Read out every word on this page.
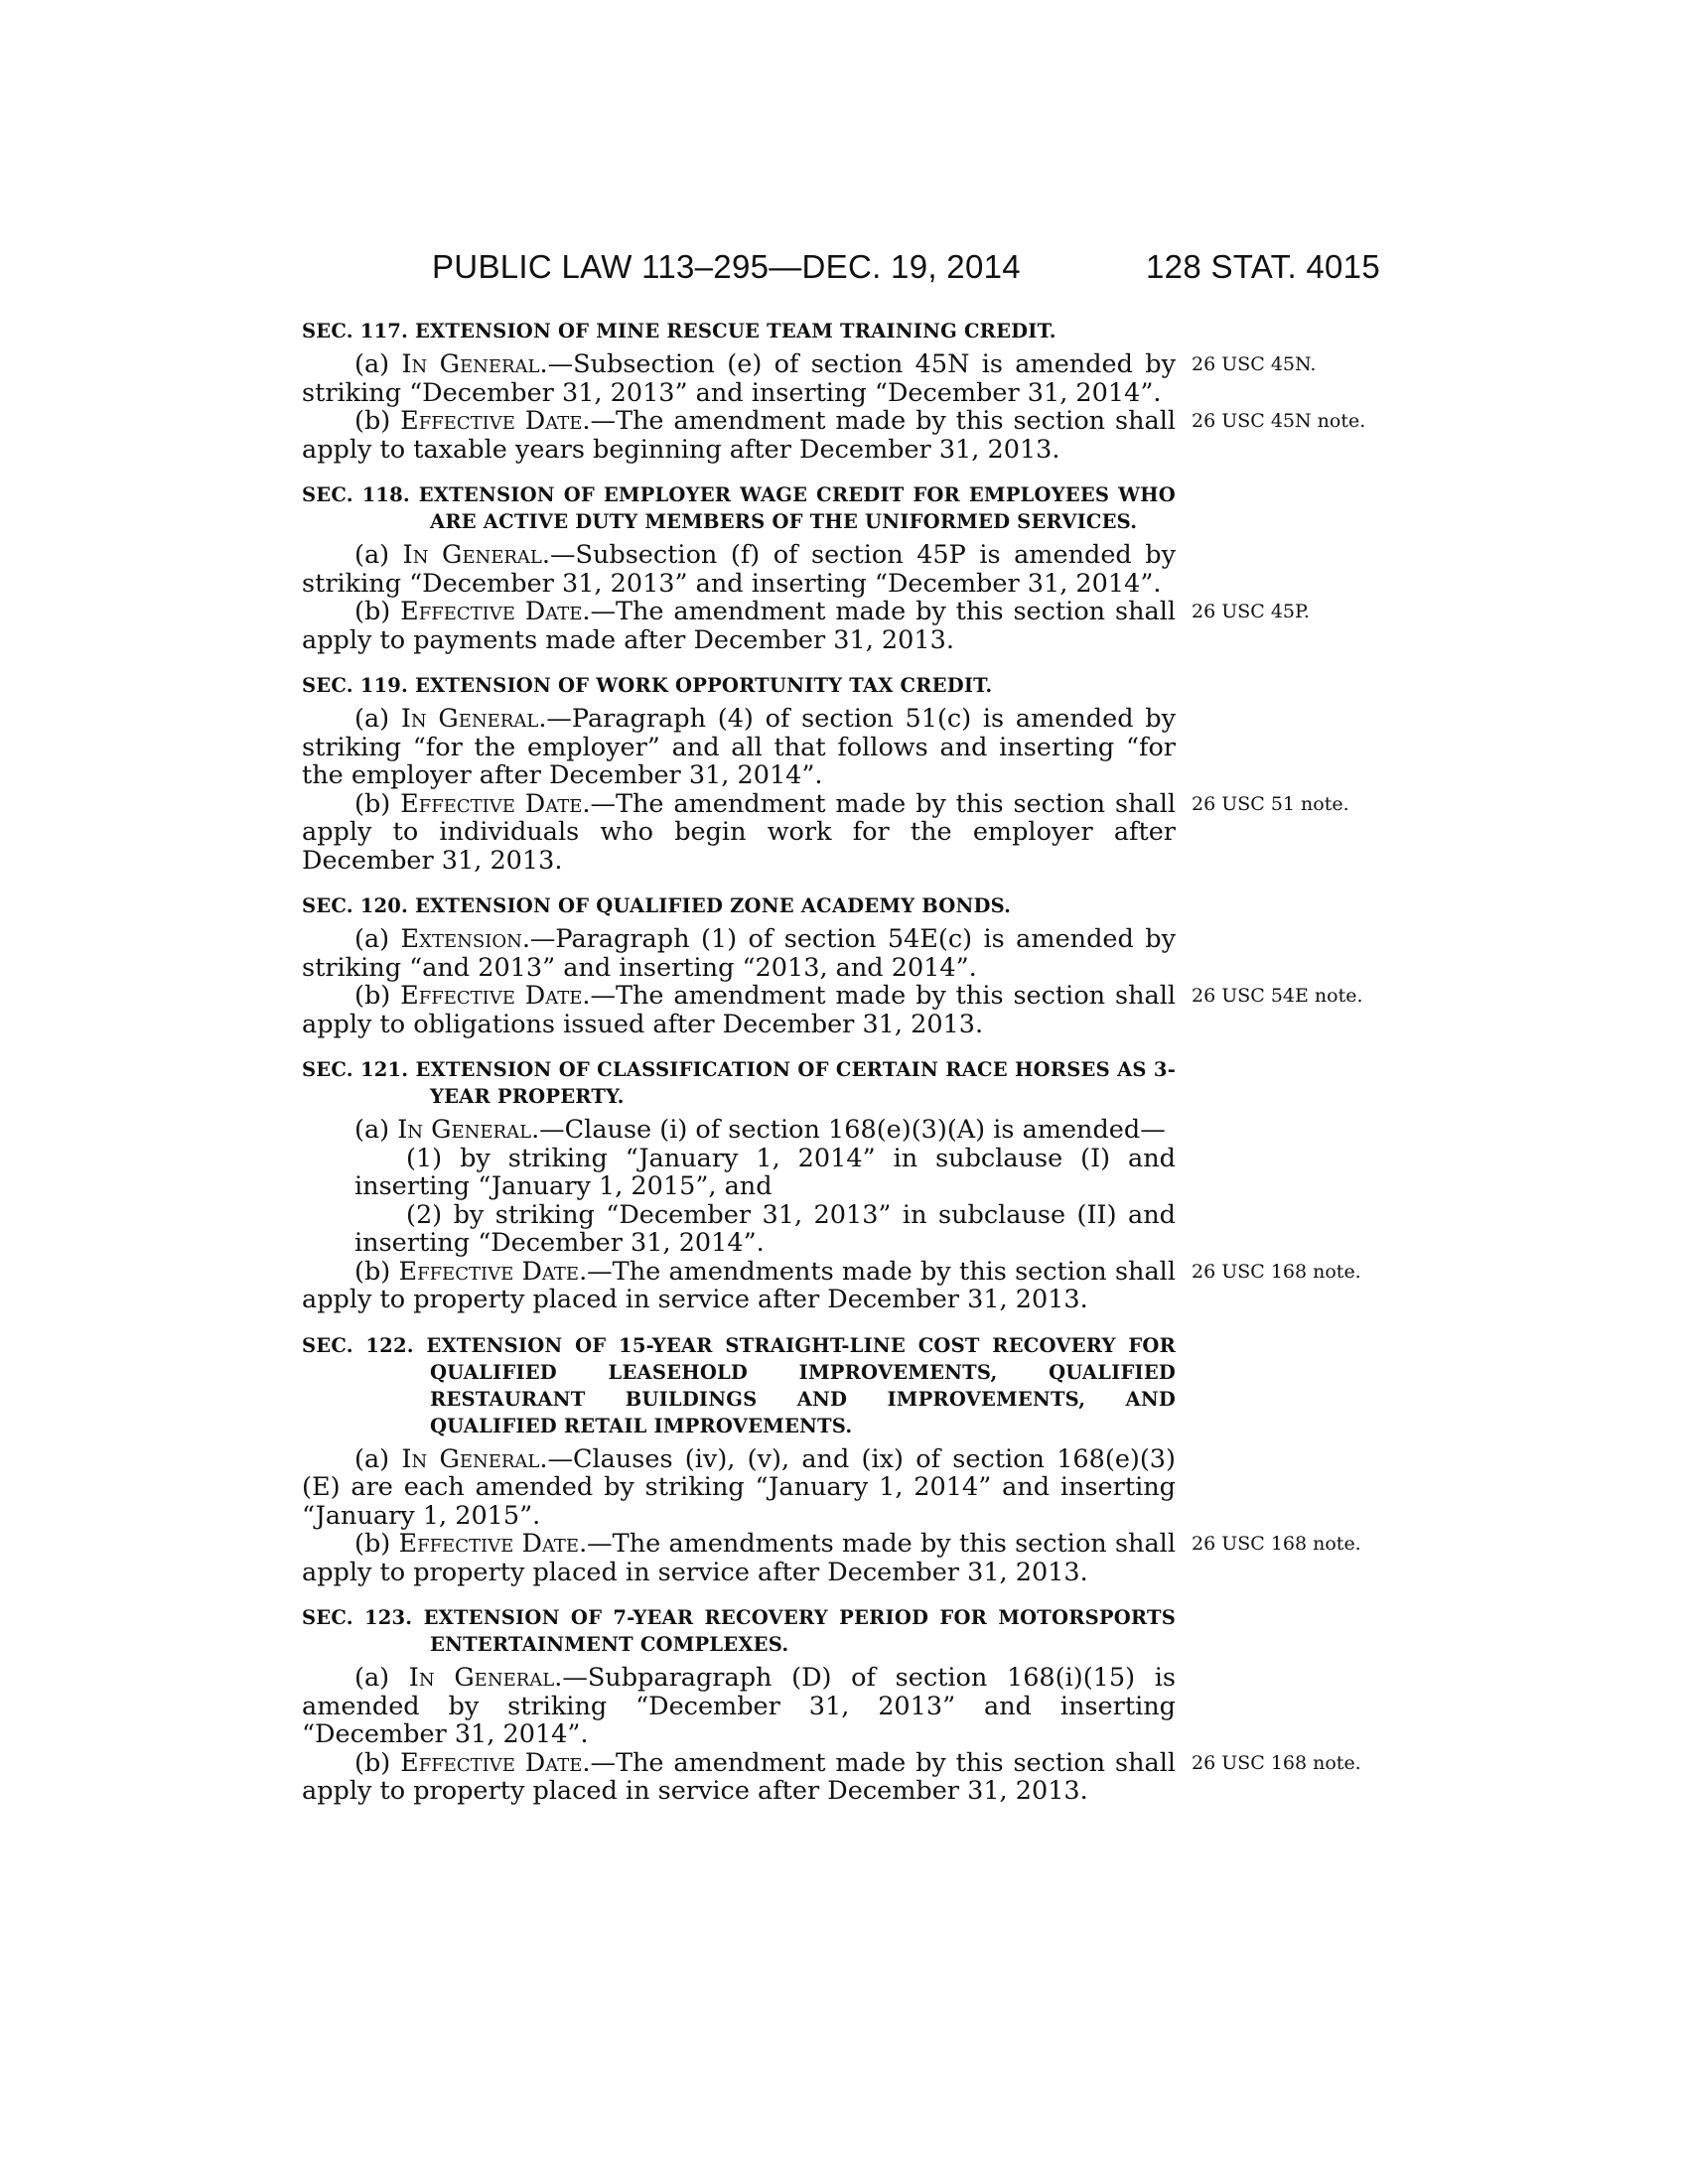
PUBLIC LAW 113–295—DEC. 19, 2014	128 STAT. 4015
SEC. 117. EXTENSION OF MINE RESCUE TEAM TRAINING CREDIT.
(a) In General.—Subsection (e) of section 45N is amended by striking “December 31, 2013” and inserting “December 31, 2014”.
26 USC 45N.
(b) Effective Date.—The amendment made by this section shall apply to taxable years beginning after December 31, 2013.
26 USC 45N note.
SEC. 118. EXTENSION OF EMPLOYER WAGE CREDIT FOR EMPLOYEES WHO ARE ACTIVE DUTY MEMBERS OF THE UNIFORMED SERVICES.
(a) In General.—Subsection (f) of section 45P is amended by striking “December 31, 2013” and inserting “December 31, 2014”.
(b) Effective Date.—The amendment made by this section shall apply to payments made after December 31, 2013.
26 USC 45P.
SEC. 119. EXTENSION OF WORK OPPORTUNITY TAX CREDIT.
(a) In General.—Paragraph (4) of section 51(c) is amended by striking “for the employer” and all that follows and inserting “for the employer after December 31, 2014”.
(b) Effective Date.—The amendment made by this section shall apply to individuals who begin work for the employer after December 31, 2013.
26 USC 51 note.
SEC. 120. EXTENSION OF QUALIFIED ZONE ACADEMY BONDS.
(a) Extension.—Paragraph (1) of section 54E(c) is amended by striking “and 2013” and inserting “2013, and 2014”.
(b) Effective Date.—The amendment made by this section shall apply to obligations issued after December 31, 2013.
26 USC 54E note.
SEC. 121. EXTENSION OF CLASSIFICATION OF CERTAIN RACE HORSES AS 3-YEAR PROPERTY.
(a) In General.—Clause (i) of section 168(e)(3)(A) is amended—
(1) by striking “January 1, 2014” in subclause (I) and inserting “January 1, 2015”, and
(2) by striking “December 31, 2013” in subclause (II) and inserting “December 31, 2014”.
(b) Effective Date.—The amendments made by this section shall apply to property placed in service after December 31, 2013.
26 USC 168 note.
SEC. 122. EXTENSION OF 15-YEAR STRAIGHT-LINE COST RECOVERY FOR QUALIFIED LEASEHOLD IMPROVEMENTS, QUALIFIED RESTAURANT BUILDINGS AND IMPROVEMENTS, AND QUALIFIED RETAIL IMPROVEMENTS.
(a) In General.—Clauses (iv), (v), and (ix) of section 168(e)(3)(E) are each amended by striking “January 1, 2014” and inserting “January 1, 2015”.
(b) Effective Date.—The amendments made by this section shall apply to property placed in service after December 31, 2013.
26 USC 168 note.
SEC. 123. EXTENSION OF 7-YEAR RECOVERY PERIOD FOR MOTORSPORTS ENTERTAINMENT COMPLEXES.
(a) In General.—Subparagraph (D) of section 168(i)(15) is amended by striking “December 31, 2013” and inserting “December 31, 2014”.
(b) Effective Date.—The amendment made by this section shall apply to property placed in service after December 31, 2013.
26 USC 168 note.
